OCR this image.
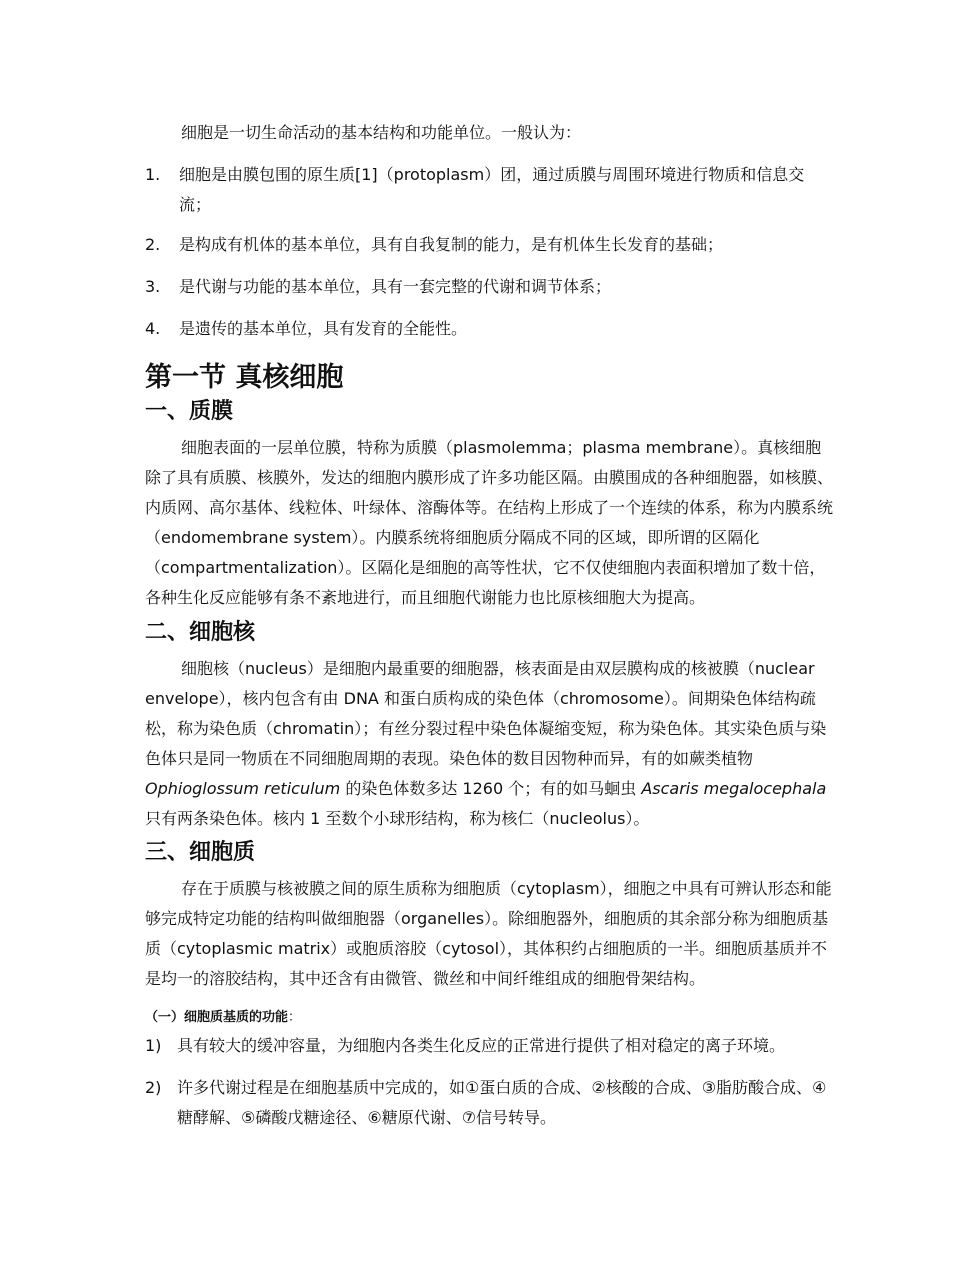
细胞是一切生命活动的基本结构和功能单位。一般认为：

1.	细胞是由膜包围的原生质[1]（protoplasm）团，通过质膜与周围环境进行物质和信息交流；
2.	是构成有机体的基本单位，具有自我复制的能力，是有机体生长发育的基础；
3.	是代谢与功能的基本单位，具有一套完整的代谢和调节体系；
4.	是遗传的基本单位，具有发育的全能性。
第一节 真核细胞
一、质膜

细胞表面的一层单位膜，特称为质膜（plasmolemma；plasma membrane）。真核细胞除了具有质膜、核膜外，发达的细胞内膜形成了许多功能区隔。由膜围成的各种细胞器，如核膜、内质网、高尔基体、线粒体、叶绿体、溶酶体等。在结构上形成了一个连续的体系，称为内膜系统（endomembrane system）。内膜系统将细胞质分隔成不同的区域，即所谓的区隔化（compartmentalization）。区隔化是细胞的高等性状，它不仅使细胞内表面积增加了数十倍，各种生化反应能够有条不紊地进行，而且细胞代谢能力也比原核细胞大为提高。

二、细胞核

细胞核（nucleus）是细胞内最重要的细胞器，核表面是由双层膜构成的核被膜（nuclear envelope），核内包含有由 DNA 和蛋白质构成的染色体（chromosome）。间期染色体结构疏松，称为染色质（chromatin）；有丝分裂过程中染色体凝缩变短，称为染色体。其实染色质与染色体只是同一物质在不同细胞周期的表现。染色体的数目因物种而异，有的如蕨类植物 Ophioglossum reticulum 的染色体数多达 1260 个；有的如马蛔虫 Ascaris megalocephala 只有两条染色体。核内 1 至数个小球形结构，称为核仁（nucleolus）。

三、细胞质

存在于质膜与核被膜之间的原生质称为细胞质（cytoplasm），细胞之中具有可辨认形态和能够完成特定功能的结构叫做细胞器（organelles）。除细胞器外，细胞质的其余部分称为细胞质基质（cytoplasmic matrix）或胞质溶胶（cytosol），其体积约占细胞质的一半。细胞质基质并不是均一的溶胶结构，其中还含有由微管、微丝和中间纤维组成的细胞骨架结构。

（一）细胞质基质的功能：

1) 具有较大的缓冲容量，为细胞内各类生化反应的正常进行提供了相对稳定的离子环境。
2) 许多代谢过程是在细胞基质中完成的，如①蛋白质的合成、②核酸的合成、③脂肪酸合成、④糖酵解、⑤磷酸戊糖途径、⑥糖原代谢、⑦信号转导。
